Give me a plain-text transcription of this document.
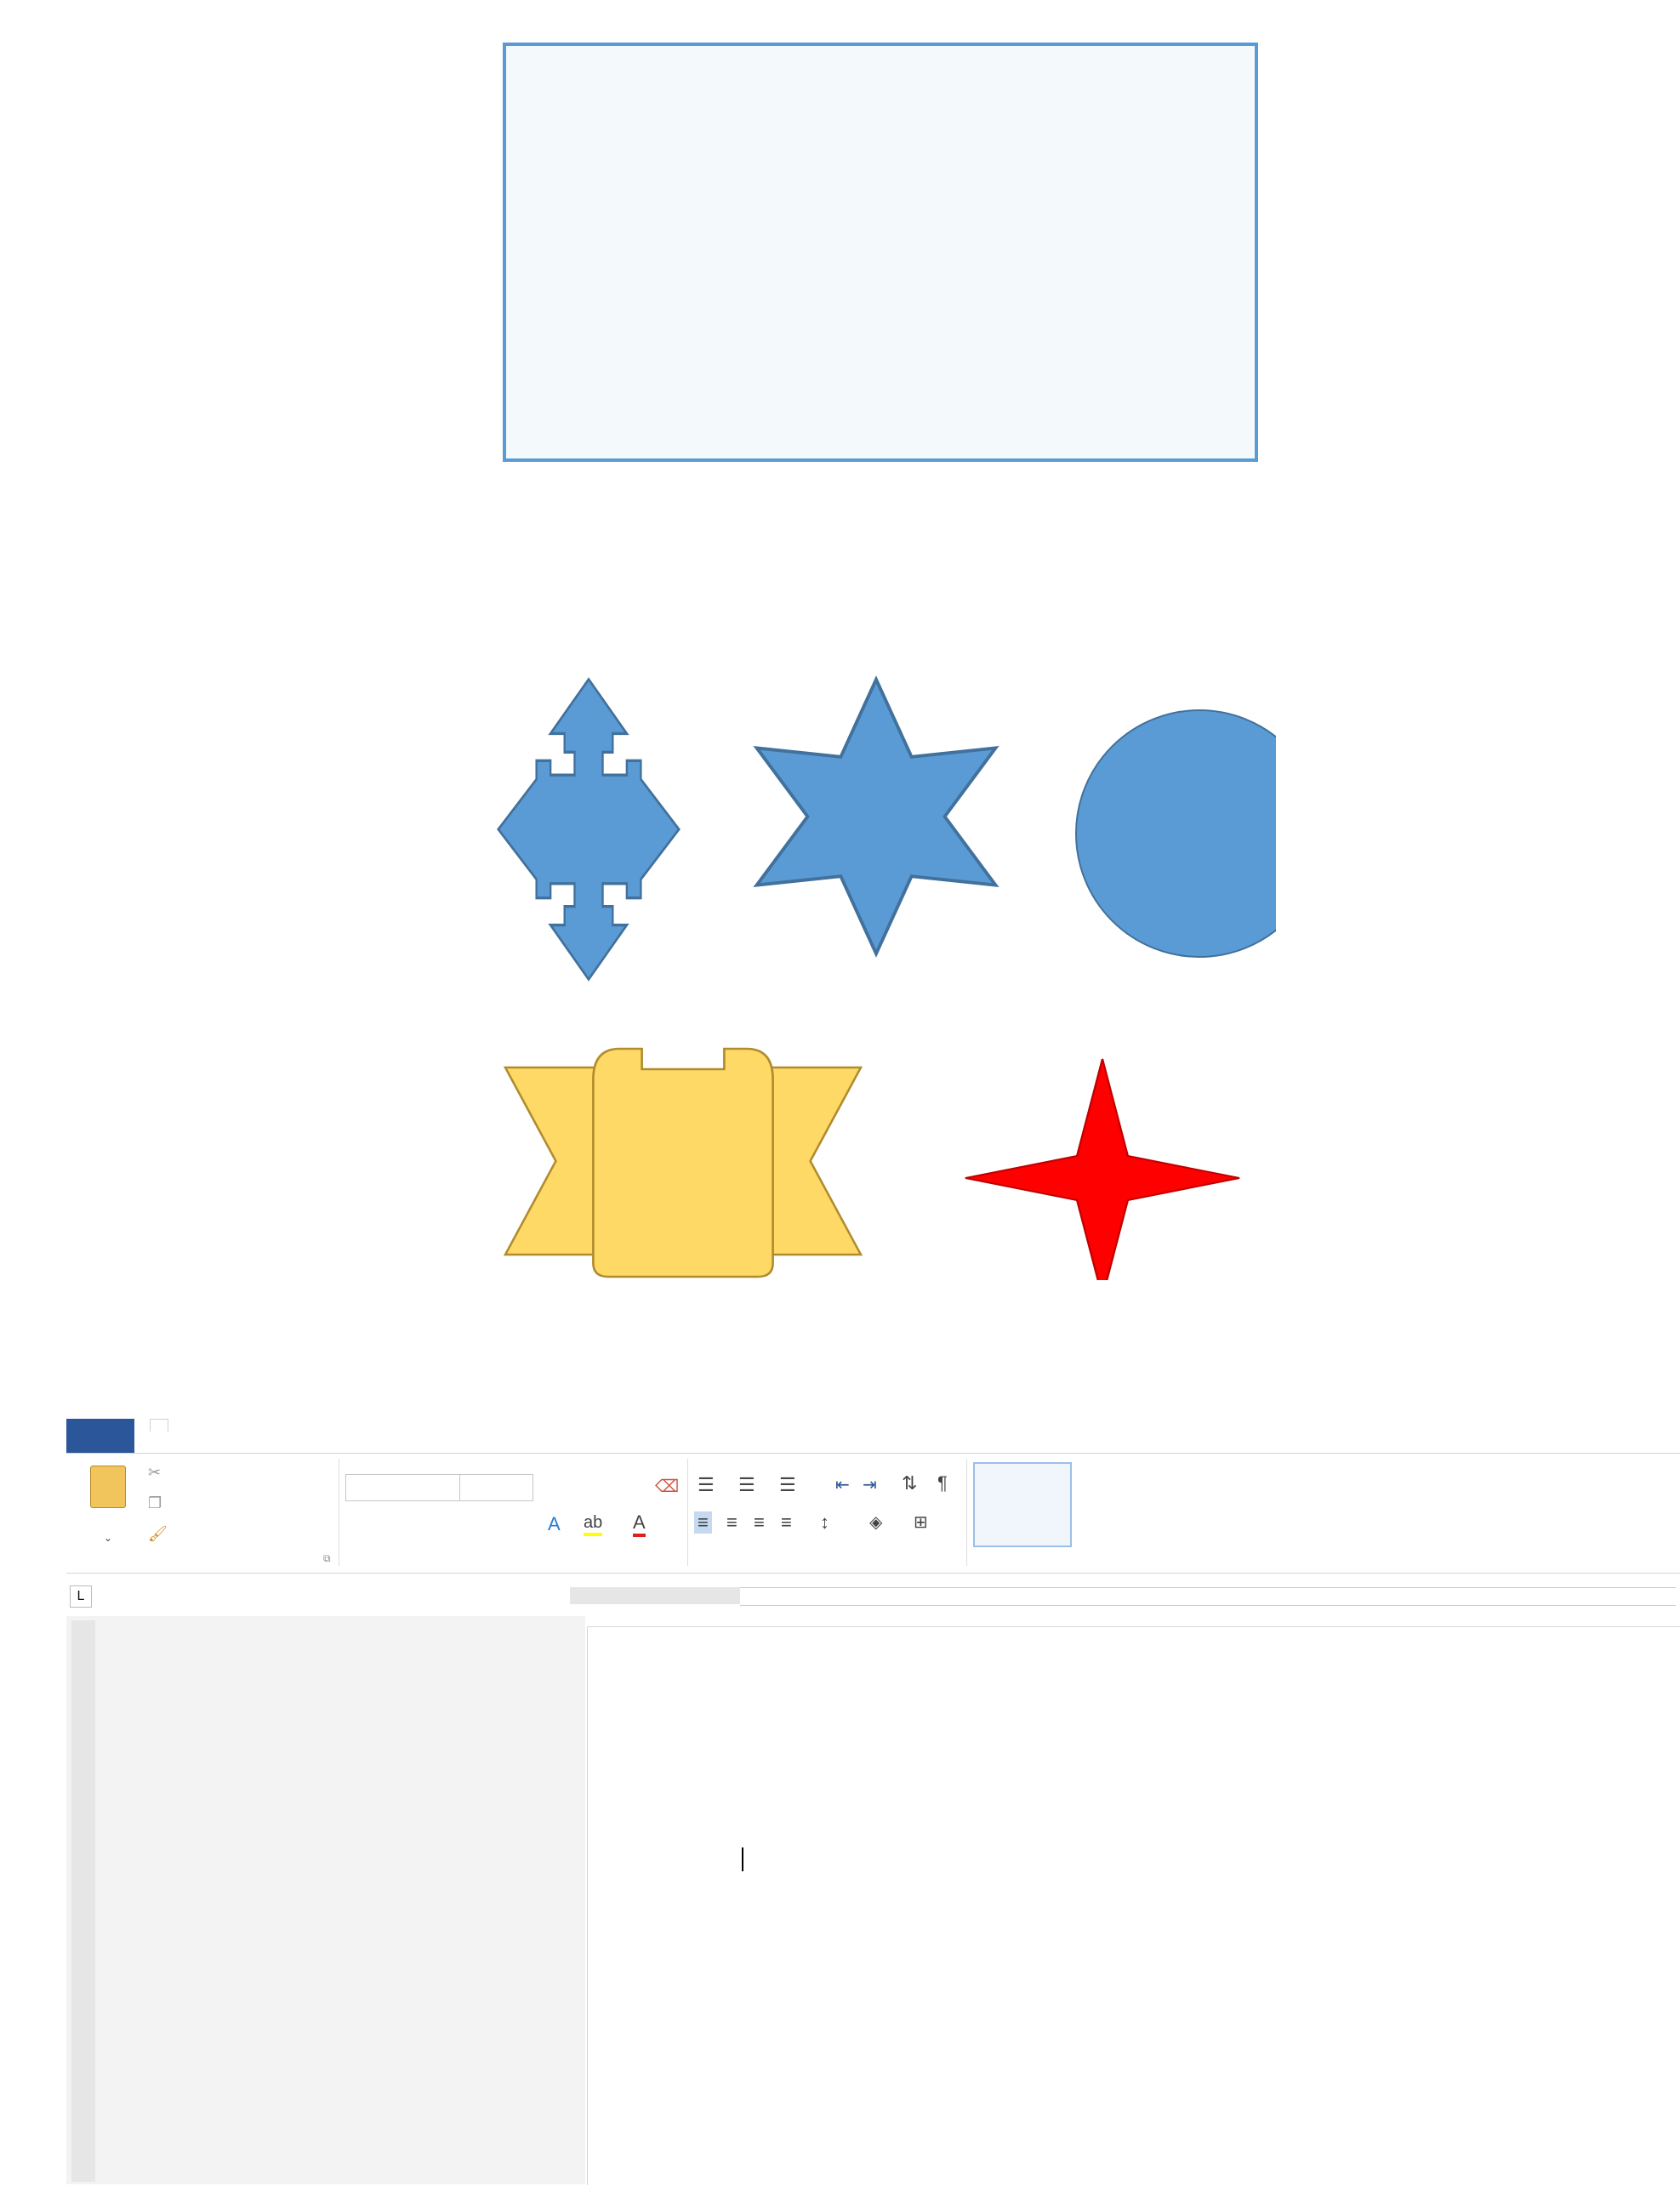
⌄
✂
❐
🖌
⧉
⌫
A ab A
☰ ☰ ☰ ⇤ ⇥ ⇅ ¶
≡ ≡ ≡ ≡ ↕ ◈ ⊞
L
